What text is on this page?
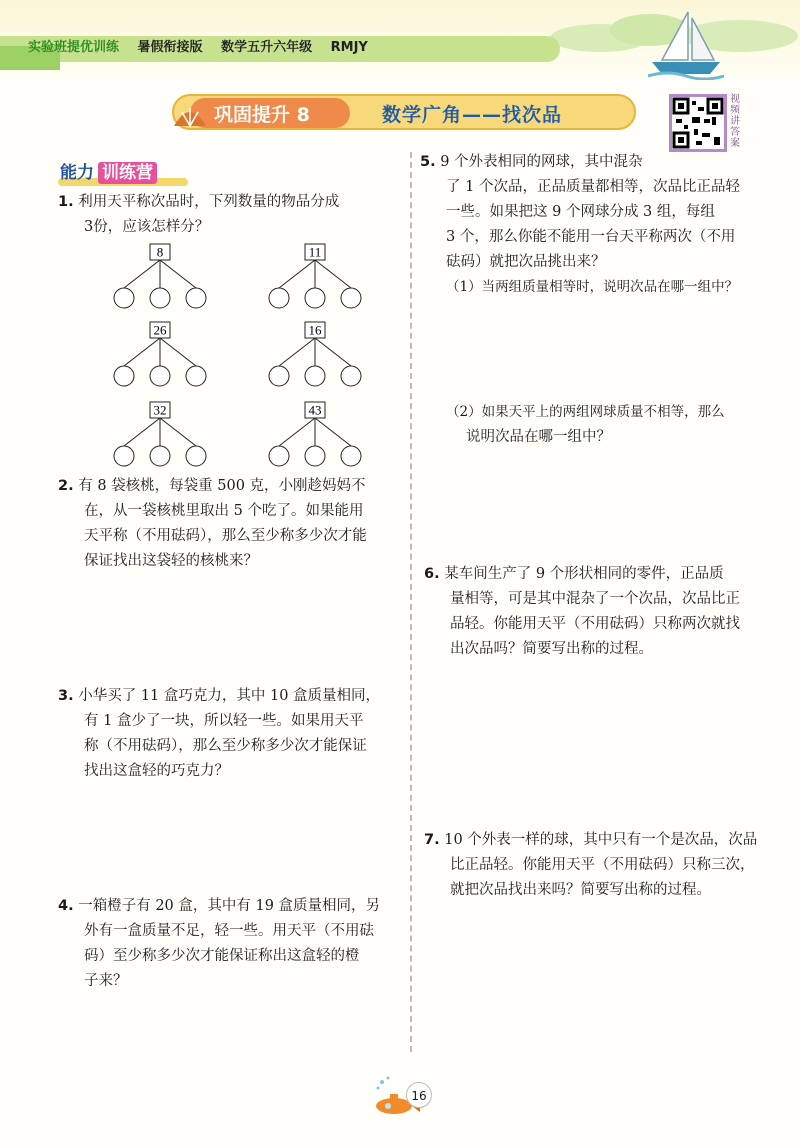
实验班提优训练 暑假衔接版 数学五升六年级 RMJY
巩固提升 8	数学广角——找次品
视频讲答案
能力 训练营
1. 利用天平称次品时，下列数量的物品分成
3份，应该怎样分？
8	11
26	16
32	43
2. 有 8 袋核桃，每袋重 500 克，小刚趁妈妈不
在，从一袋核桃里取出 5 个吃了。如果能用
天平称（不用砝码），那么至少称多少次才能
保证找出这袋轻的核桃来？
3. 小华买了 11 盒巧克力，其中 10 盒质量相同，
有 1 盒少了一块，所以轻一些。如果用天平
称（不用砝码），那么至少称多少次才能保证
找出这盒轻的巧克力？
4. 一箱橙子有 20 盒，其中有 19 盒质量相同，另
外有一盒质量不足，轻一些。用天平（不用砝
码）至少称多少次才能保证称出这盒轻的橙
子来？
5. 9 个外表相同的网球，其中混杂
了 1 个次品，正品质量都相等，次品比正品轻
一些。如果把这 9 个网球分成 3 组，每组
3 个，那么你能不能用一台天平称两次（不用
砝码）就把次品挑出来？
（1）当两组质量相等时，说明次品在哪一组中？
（2）如果天平上的两组网球质量不相等，那么
说明次品在哪一组中？
6. 某车间生产了 9 个形状相同的零件，正品质
量相等，可是其中混杂了一个次品，次品比正
品轻。你能用天平（不用砝码）只称两次就找
出次品吗？简要写出称的过程。
7. 10 个外表一样的球，其中只有一个是次品，次品
比正品轻。你能用天平（不用砝码）只称三次，
就把次品找出来吗？简要写出称的过程。
16
